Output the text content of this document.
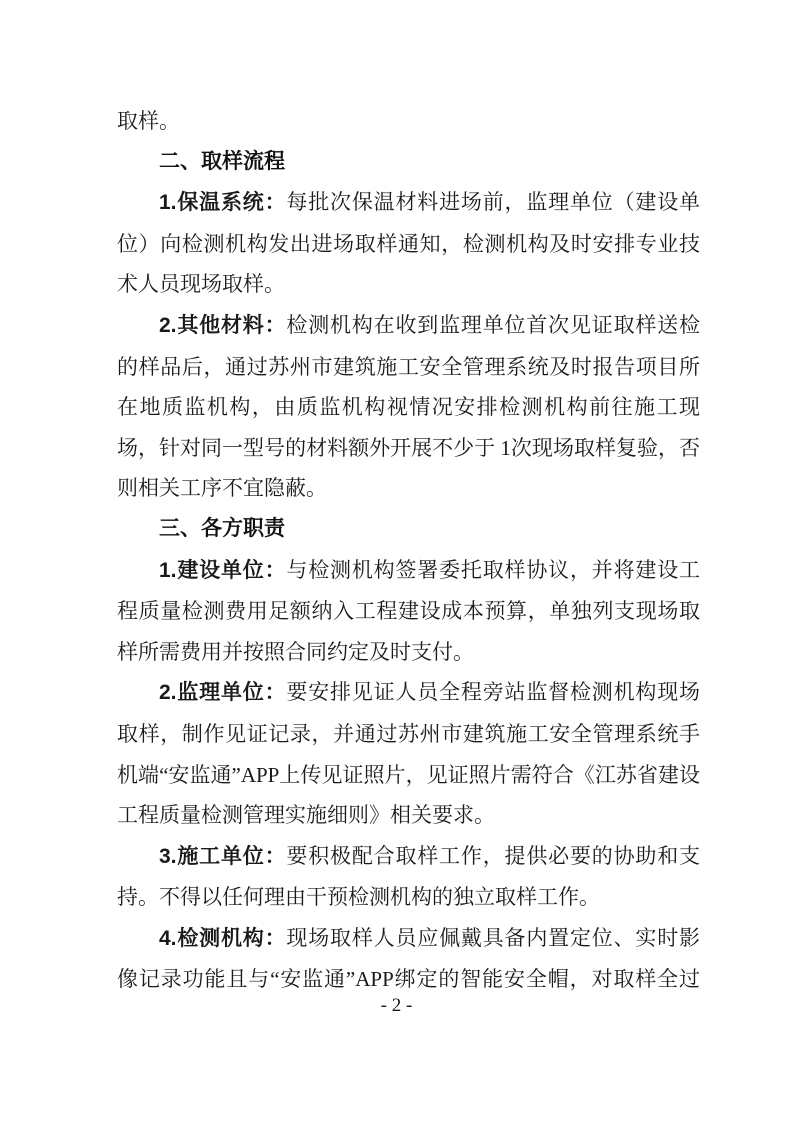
取样。

二、取样流程

1.保温系统：每批次保温材料进场前，监理单位（建设单位）向检测机构发出进场取样通知，检测机构及时安排专业技术人员现场取样。

2.其他材料：检测机构在收到监理单位首次见证取样送检的样品后，通过苏州市建筑施工安全管理系统及时报告项目所在地质监机构，由质监机构视情况安排检测机构前往施工现场，针对同一型号的材料额外开展不少于 1次现场取样复验，否则相关工序不宜隐蔽。

三、各方职责

1.建设单位：与检测机构签署委托取样协议，并将建设工程质量检测费用足额纳入工程建设成本预算，单独列支现场取样所需费用并按照合同约定及时支付。

2.监理单位：要安排见证人员全程旁站监督检测机构现场取样，制作见证记录，并通过苏州市建筑施工安全管理系统手机端“安监通”APP上传见证照片，见证照片需符合《江苏省建设工程质量检测管理实施细则》相关要求。

3.施工单位：要积极配合取样工作，提供必要的协助和支持。不得以任何理由干预检测机构的独立取样工作。

4.检测机构：现场取样人员应佩戴具备内置定位、实时影像记录功能且与“安监通”APP绑定的智能安全帽，对取样全过

- 2 -
